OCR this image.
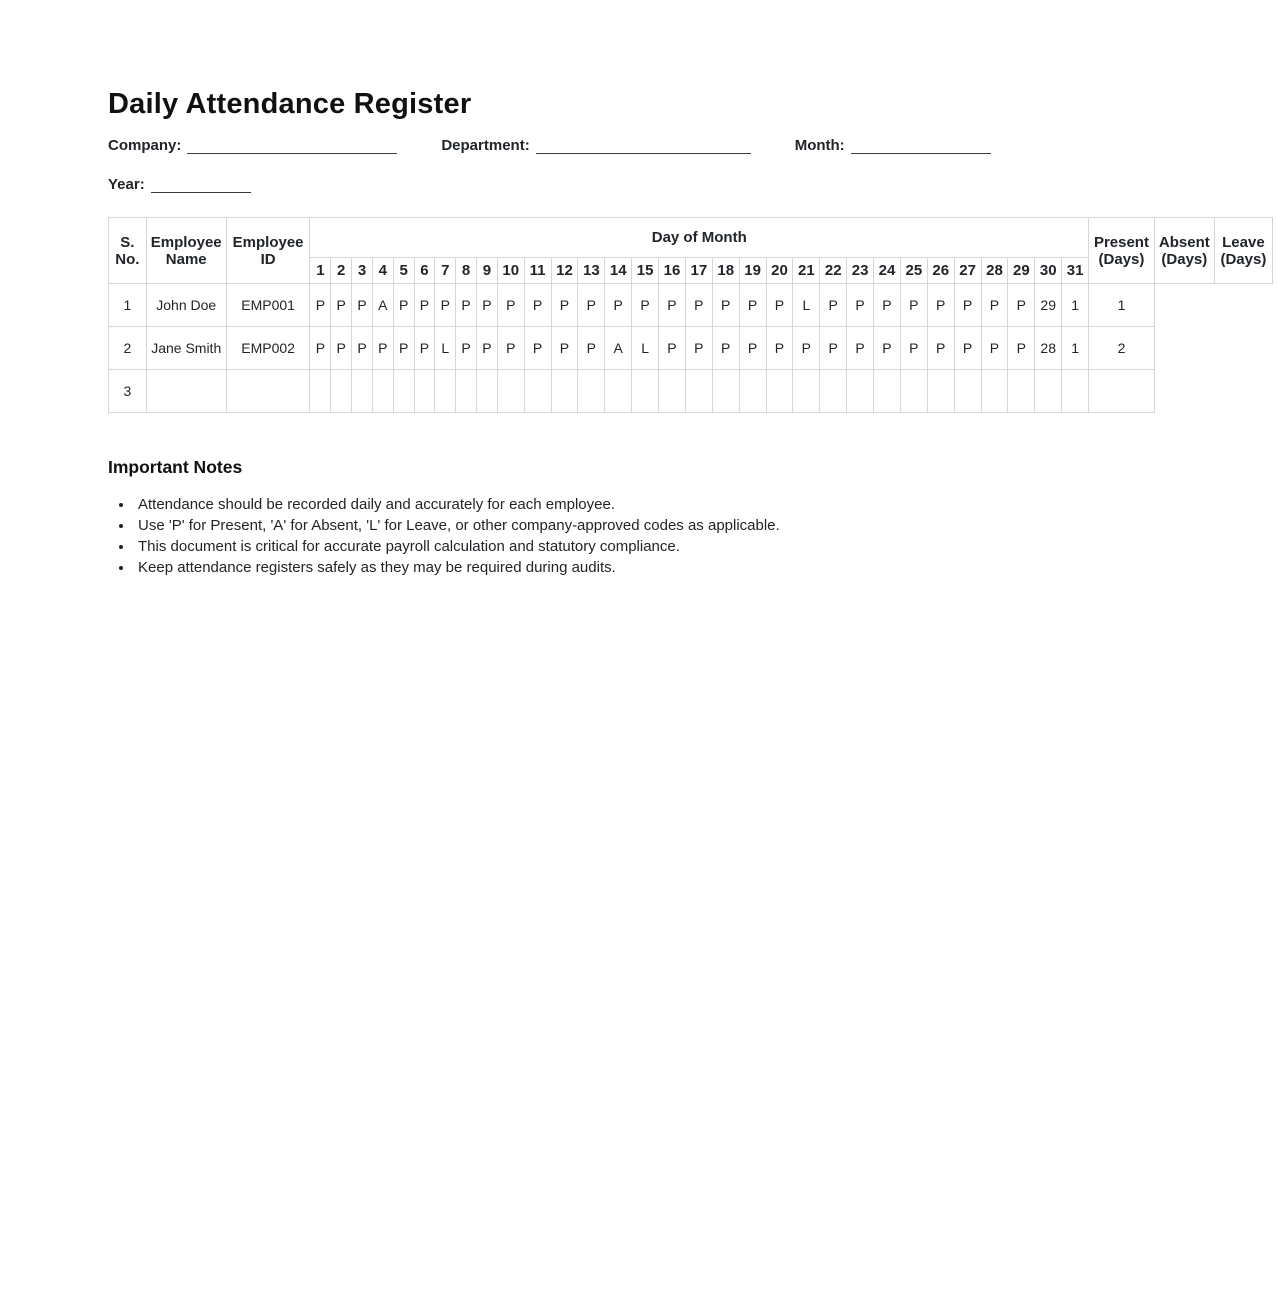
Daily Attendance Register
Company:	Department:	Month:
Year:
S. No.	Employee Name	Employee ID	Day of Month																															Present (Days)	Absent (Days)	Leave (Days)
			1	2	3	4	5	6	7	8	9	10	11	12	13	14	15	16	17	18	19	20	21	22	23	24	25	26	27	28	29	30	31			
1	John Doe	EMP001	P	P	P	A	P	P	P	P	P	P	P	P	P	P	P	P	P	P	P	P	L	P	P	P	P	P	P	P	P	29	1	1		
2	Jane Smith	EMP002	P	P	P	P	P	P	L	P	P	P	P	P	P	A	L	P	P	P	P	P	P	P	P	P	P	P	P	P	P	28	1	2		
3																																				
Important Notes
• Attendance should be recorded daily and accurately for each employee.
• Use 'P' for Present, 'A' for Absent, 'L' for Leave, or other company-approved codes as applicable.
• This document is critical for accurate payroll calculation and statutory compliance.
• Keep attendance registers safely as they may be required during audits.
